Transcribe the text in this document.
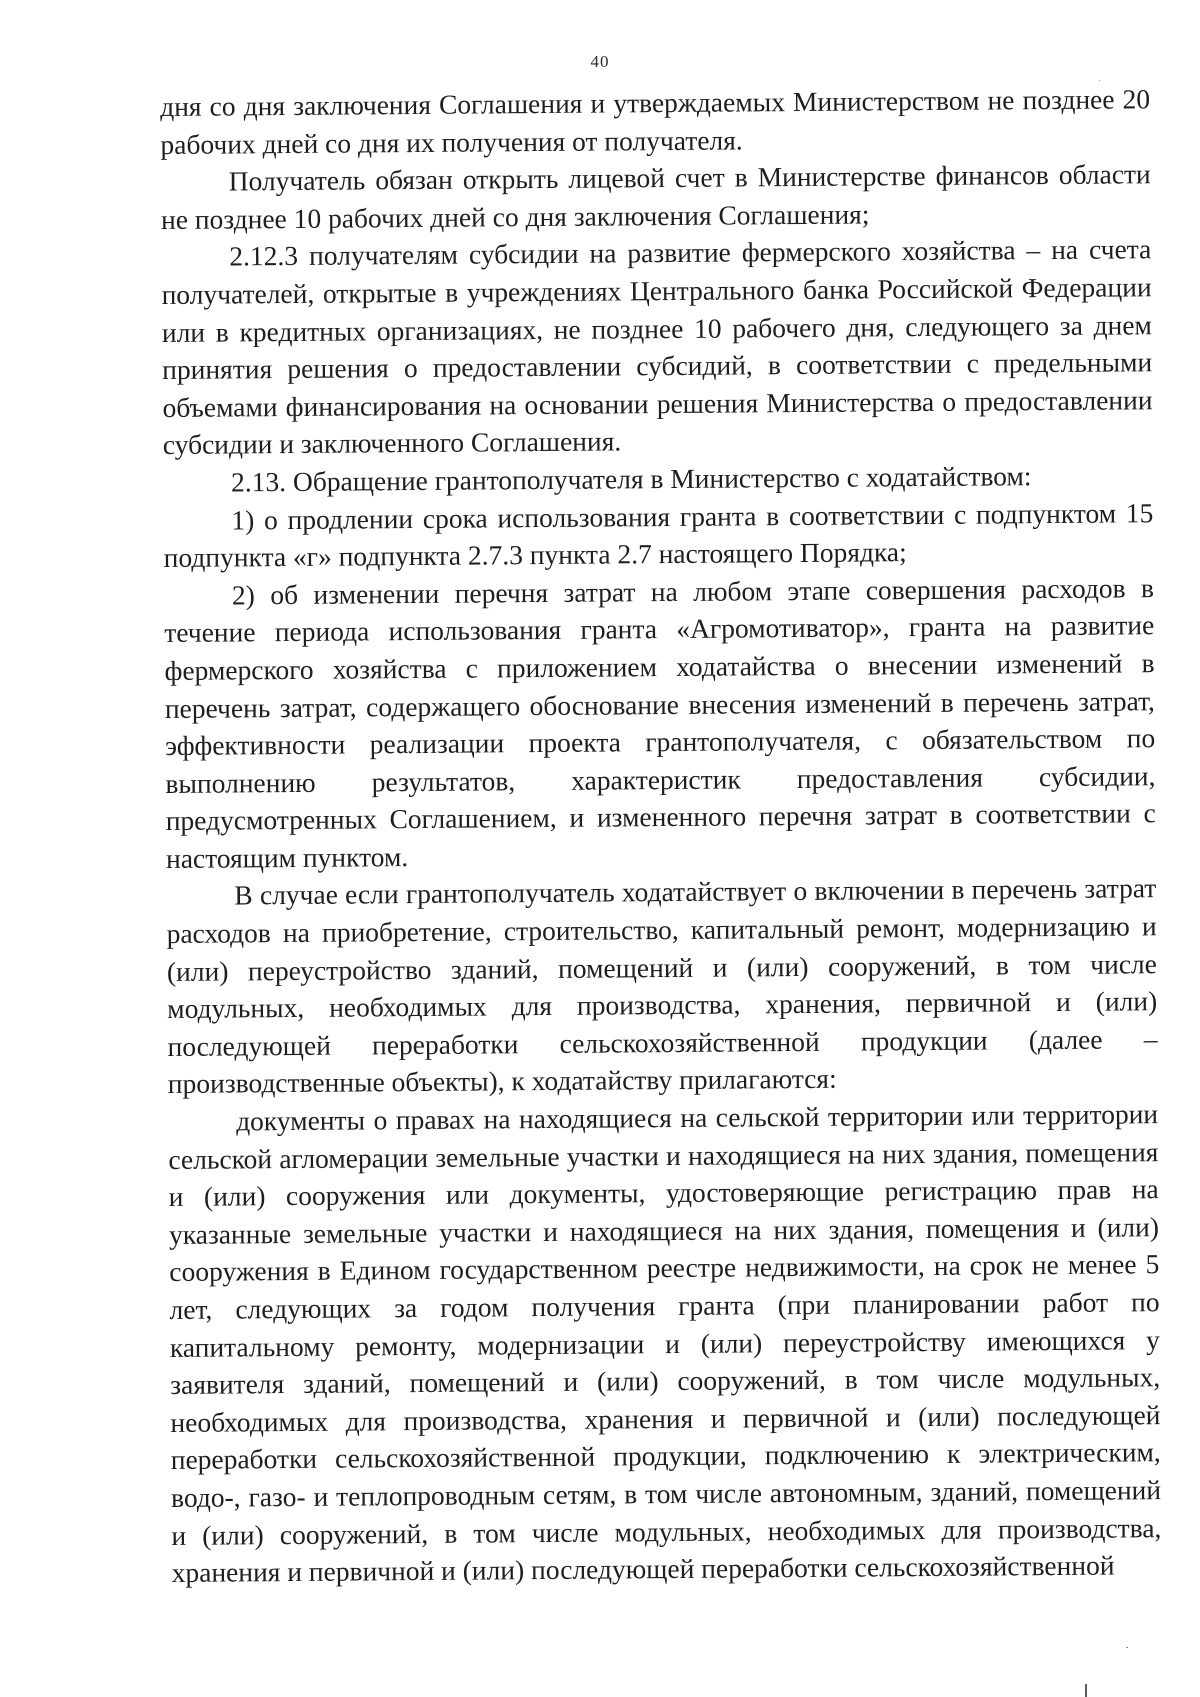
40

дня со дня заключения Соглашения и утверждаемых Министерством не позднее 20 рабочих дней со дня их получения от получателя.

Получатель обязан открыть лицевой счет в Министерстве финансов области не позднее 10 рабочих дней со дня заключения Соглашения;

2.12.3 получателям субсидии на развитие фермерского хозяйства – на счета получателей, открытые в учреждениях Центрального банка Российской Федерации или в кредитных организациях, не позднее 10 рабочего дня, следующего за днем принятия решения о предоставлении субсидий, в соответствии с предельными объемами финансирования на основании решения Министерства о предоставлении субсидии и заключенного Соглашения.

2.13. Обращение грантополучателя в Министерство с ходатайством:

1) о продлении срока использования гранта в соответствии с подпунктом 15 подпункта «г» подпункта 2.7.3 пункта 2.7 настоящего Порядка;

2) об изменении перечня затрат на любом этапе совершения расходов в течение периода использования гранта «Агромотиватор», гранта на развитие фермерского хозяйства с приложением ходатайства о внесении изменений в перечень затрат, содержащего обоснование внесения изменений в перечень затрат, эффективности реализации проекта грантополучателя, с обязательством по выполнению результатов, характеристик предоставления субсидии, предусмотренных Соглашением, и измененного перечня затрат в соответствии с настоящим пунктом.

В случае если грантополучатель ходатайствует о включении в перечень затрат расходов на приобретение, строительство, капитальный ремонт, модернизацию и (или) переустройство зданий, помещений и (или) сооружений, в том числе модульных, необходимых для производства, хранения, первичной и (или) последующей переработки сельскохозяйственной продукции (далее – производственные объекты), к ходатайству прилагаются:

документы о правах на находящиеся на сельской территории или территории сельской агломерации земельные участки и находящиеся на них здания, помещения и (или) сооружения или документы, удостоверяющие регистрацию прав на указанные земельные участки и находящиеся на них здания, помещения и (или) сооружения в Едином государственном реестре недвижимости, на срок не менее 5 лет, следующих за годом получения гранта (при планировании работ по капитальному ремонту, модернизации и (или) переустройству имеющихся у заявителя зданий, помещений и (или) сооружений, в том числе модульных, необходимых для производства, хранения и первичной и (или) последующей переработки сельскохозяйственной продукции, подключению к электрическим, водо-, газо- и теплопроводным сетям, в том числе автономным, зданий, помещений и (или) сооружений, в том числе модульных, необходимых для производства, хранения и первичной и (или) последующей переработки сельскохозяйственной
